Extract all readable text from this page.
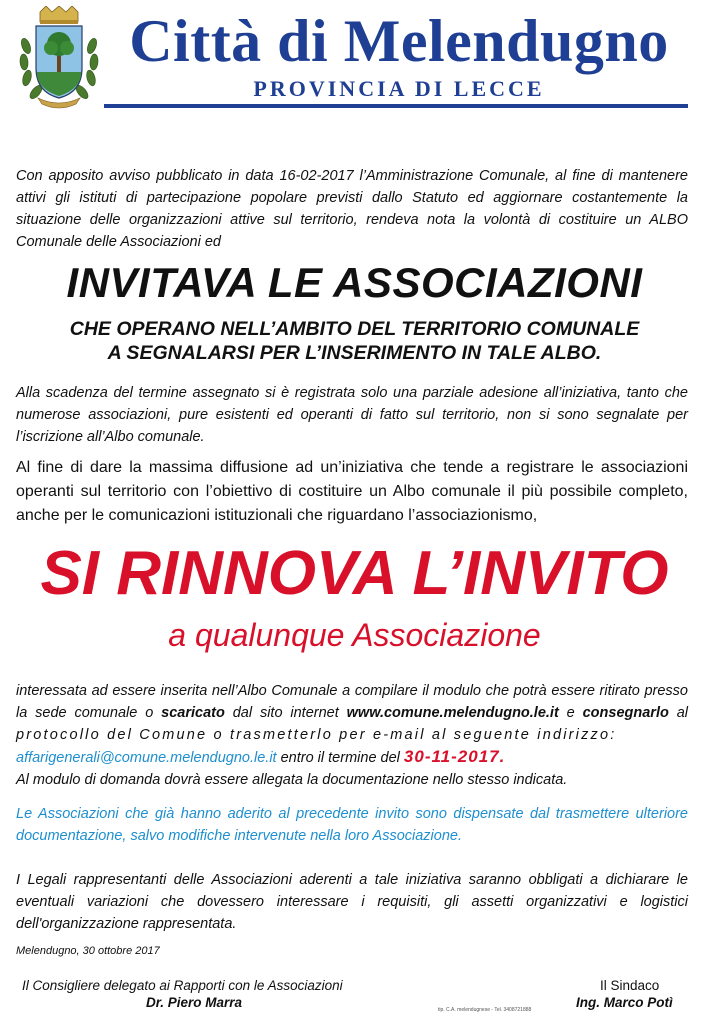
Città di Melendugno
PROVINCIA DI LECCE
Con apposito avviso pubblicato in data 16-02-2017 l’Amministrazione Comunale, al fine di mantenere attivi gli istituti di partecipazione popolare previsti dallo Statuto ed aggiornare costantemente la situazione delle organizzazioni attive sul territorio, rendeva nota la volontà di costituire un ALBO Comunale delle Associazioni ed
INVITAVA LE ASSOCIAZIONI
CHE OPERANO NELL’AMBITO DEL TERRITORIO COMUNALE
A SEGNALARSI PER L’INSERIMENTO IN TALE ALBO.
Alla scadenza del termine assegnato si è registrata solo una parziale adesione all’iniziativa, tanto che numerose associazioni, pure esistenti ed operanti di fatto sul territorio, non si sono segnalate per l’iscrizione all’Albo comunale.
Al fine di dare la massima diffusione ad un’iniziativa che tende a registrare le associazioni operanti sul territorio con l’obiettivo di costituire un Albo comunale il più possibile completo, anche per le comunicazioni istituzionali che riguardano l’associazionismo,
SI RINNOVA L’INVITO
a qualunque Associazione
interessata ad essere inserita nell’Albo Comunale a compilare il modulo che potrà essere ritirato presso la sede comunale o scaricato dal sito internet www.comune.melendugno.le.it e consegnarlo al protocollo del Comune o trasmetterlo per e-mail al seguente indirizzo:
affarigenerali@comune.melendugno.le.it entro il termine del 30-11-2017.
Al modulo di domanda dovrà essere allegata la documentazione nello stesso indicata.
Le Associazioni che già hanno aderito al precedente invito sono dispensate dal trasmettere ulteriore documentazione, salvo modifiche intervenute nella loro Associazione.
I Legali rappresentanti delle Associazioni aderenti a tale iniziativa saranno obbligati a dichiarare le eventuali variazioni che dovessero interessare i requisiti, gli assetti organizzativi e logistici dell'organizzazione rappresentata.
Melendugno, 30 ottobre 2017
Il Consigliere delegato ai Rapporti con le Associazioni
Dr. Piero Marra
Il Sindaco
Ing. Marco Potì
tip. C.A. melendugnese - Tel. 3408721888
